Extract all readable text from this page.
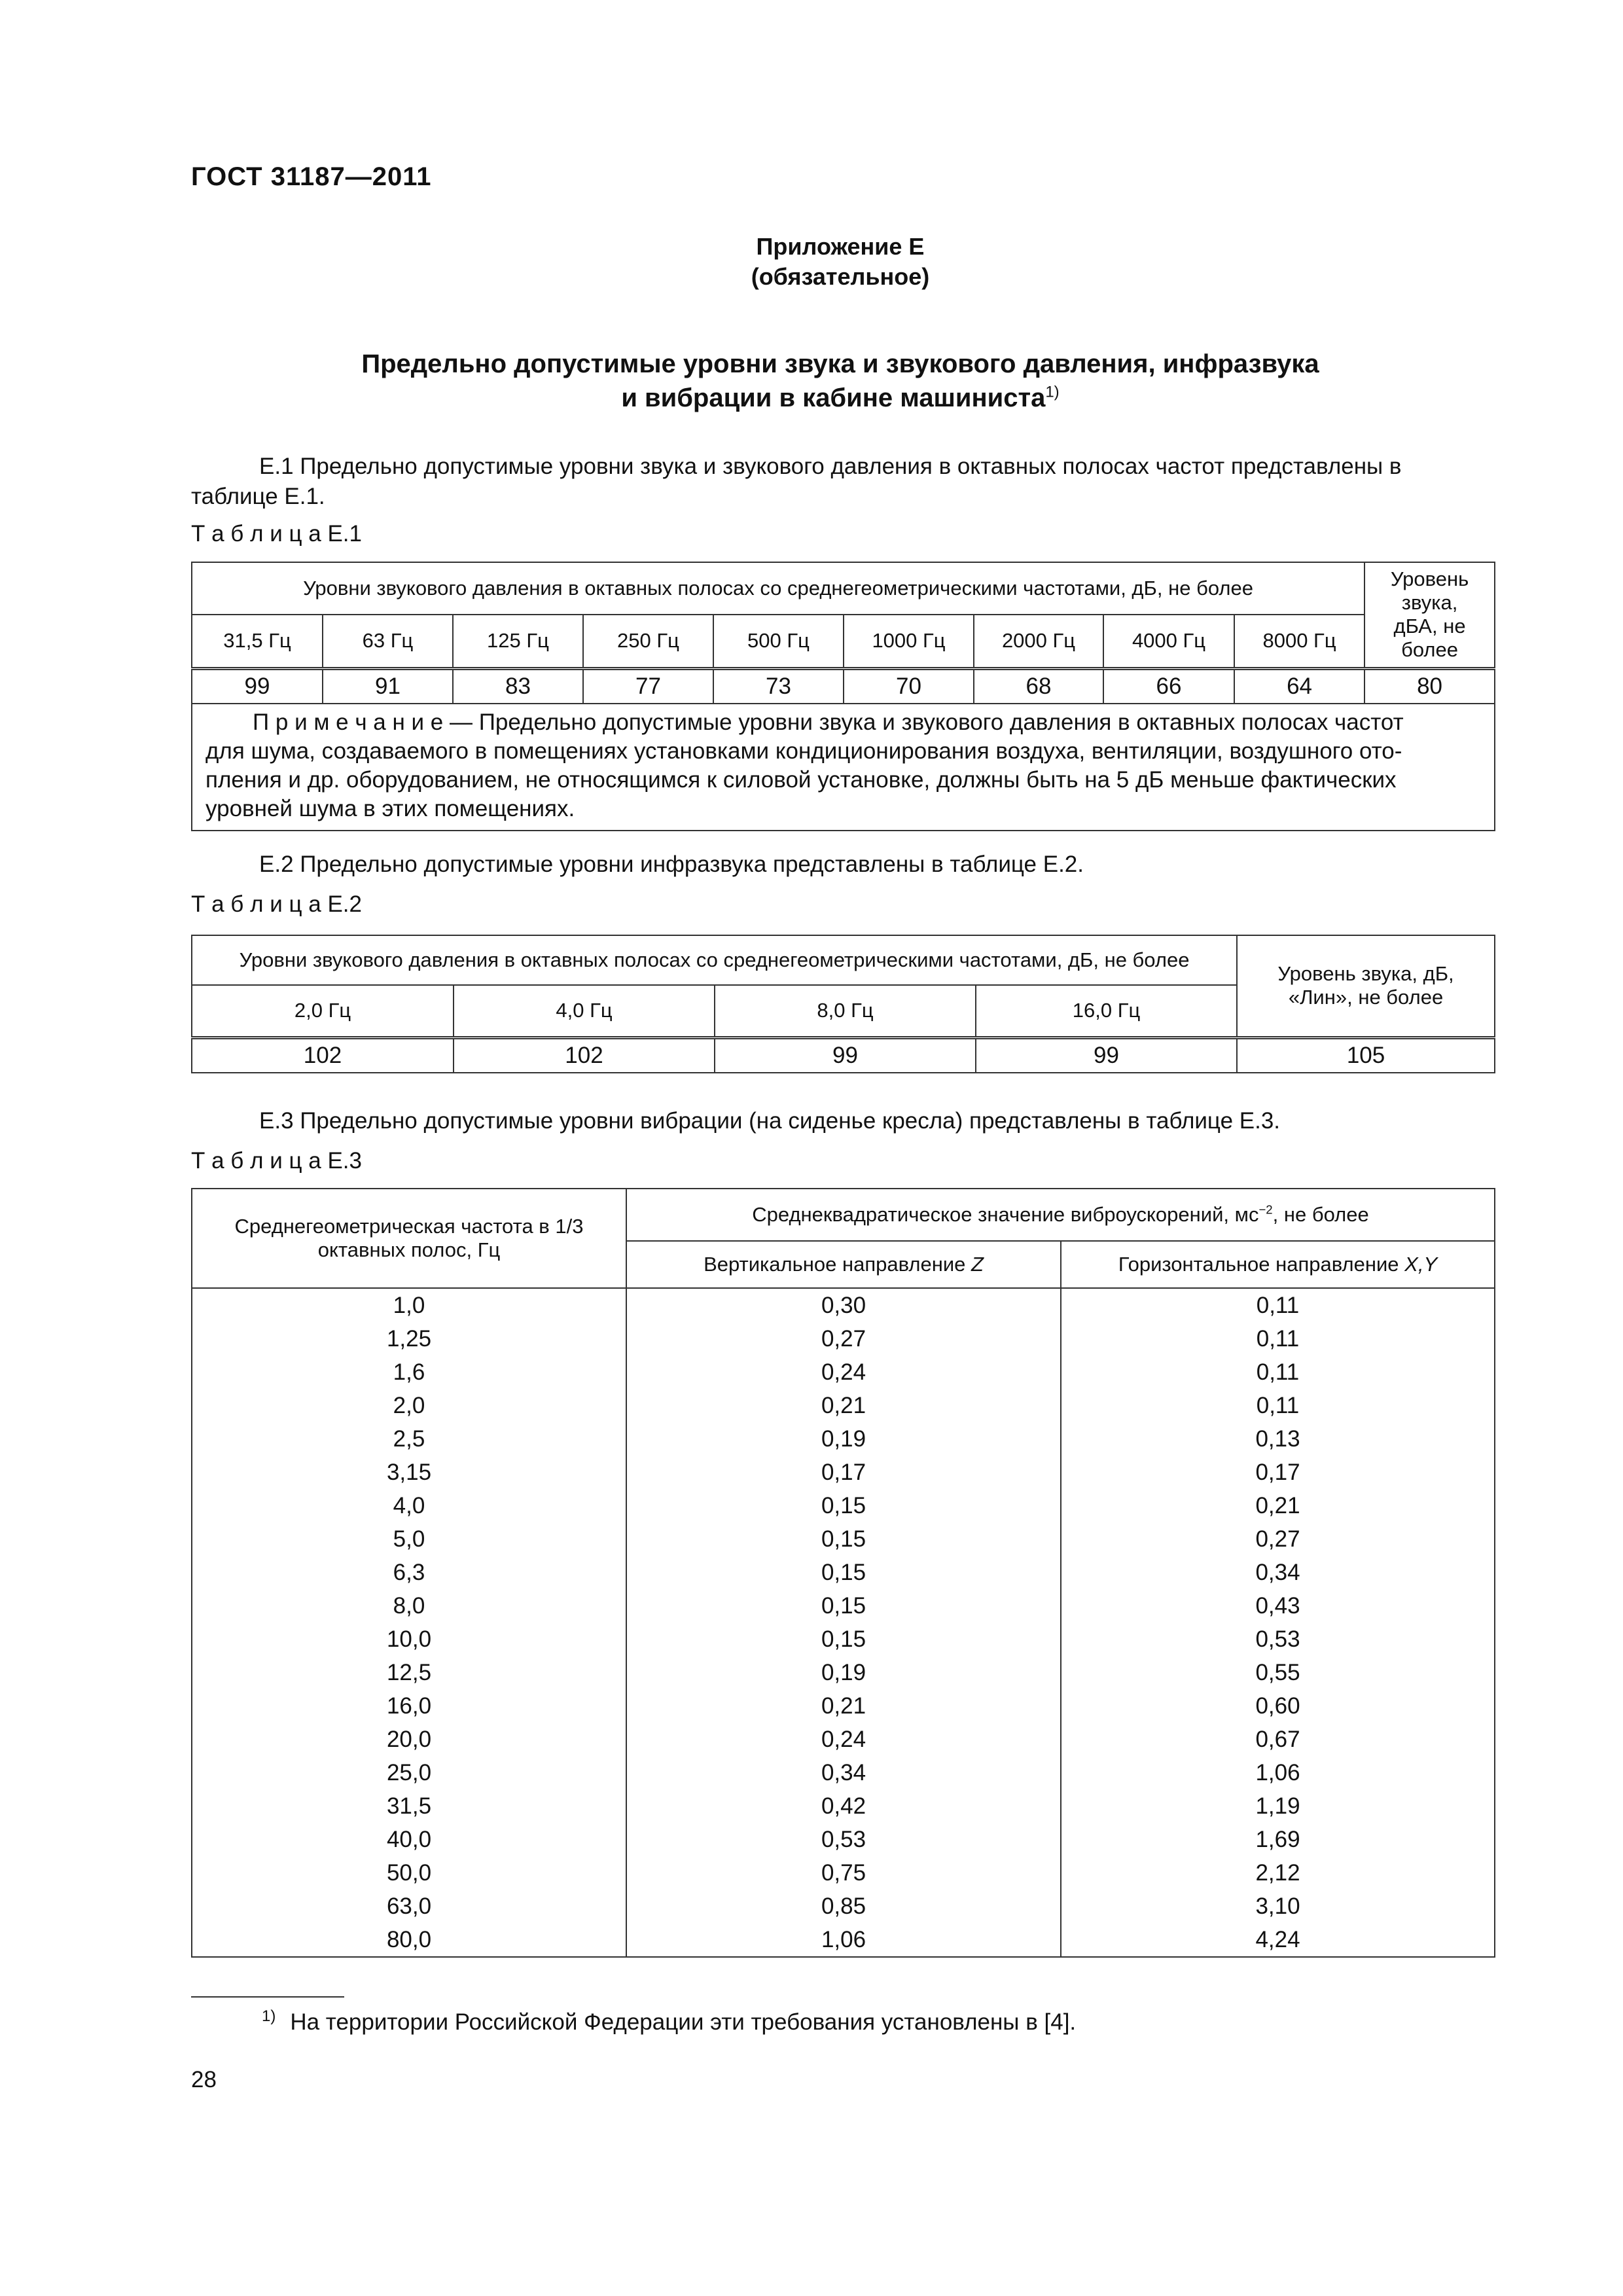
ГОСТ 31187—2011
Приложение Е
(обязательное)
Предельно допустимые уровни звука и звукового давления, инфразвука
и вибрации в кабине машиниста$^{1)}$
Е.1 Предельно допустимые уровни звука и звукового давления в октавных полосах частот представлены в
таблице Е.1.
Т а б л и ц а Е.1
Уровни звукового давления в октавных полосах со среднегеометрическими частотами, дБ, не более									Уровень звука, дБА, не более
31,5 Гц	63 Гц	125 Гц	250 Гц	500 Гц	1000 Гц	2000 Гц	4000 Гц	8000 Гц	
99	91	83	77	73	70	68	66	64	80

П р и м е ч а н и е — Предельно допустимые уровни звука и звукового давления в октавных полосах частот
для шума, создаваемого в помещениях установками кондиционирования воздуха, вентиляции, воздушного ото-
пления и др. оборудованием, не относящимся к силовой установке, должны быть на 5 дБ меньше фактических
уровней шума в этих помещениях.									
Е.2 Предельно допустимые уровни инфразвука представлены в таблице Е.2.
Т а б л и ц а Е.2
Уровни звукового давления в октавных полосах со среднегеометрическими частотами, дБ, не более				Уровень звука, дБ, «Лин», не более
2,0 Гц	4,0 Гц	8,0 Гц	16,0 Гц	
102	102	99	99	105
Е.3 Предельно допустимые уровни вибрации (на сиденье кресла) представлены в таблице Е.3.
Т а б л и ц а Е.3
Среднегеометрическая частота в 1/3 октавных полос, Гц	Среднеквадратическое значение виброускорений, $мс^{-2}$, не более	
	Вертикальное направление Z	Горизонтальное направление X,Y
1,0	0,30	0,11
1,25	0,27	0,11
1,6	0,24	0,11
2,0	0,21	0,11
2,5	0,19	0,13
3,15	0,17	0,17
4,0	0,15	0,21
5,0	0,15	0,27
6,3	0,15	0,34
8,0	0,15	0,43
10,0	0,15	0,53
12,5	0,19	0,55
16,0	0,21	0,60
20,0	0,24	0,67
25,0	0,34	1,06
31,5	0,42	1,19
40,0	0,53	1,69
50,0	0,75	2,12
63,0	0,85	3,10
80,0	1,06	4,24
$^{1)}$ На территории Российской Федерации эти требования установлены в [4].
28
